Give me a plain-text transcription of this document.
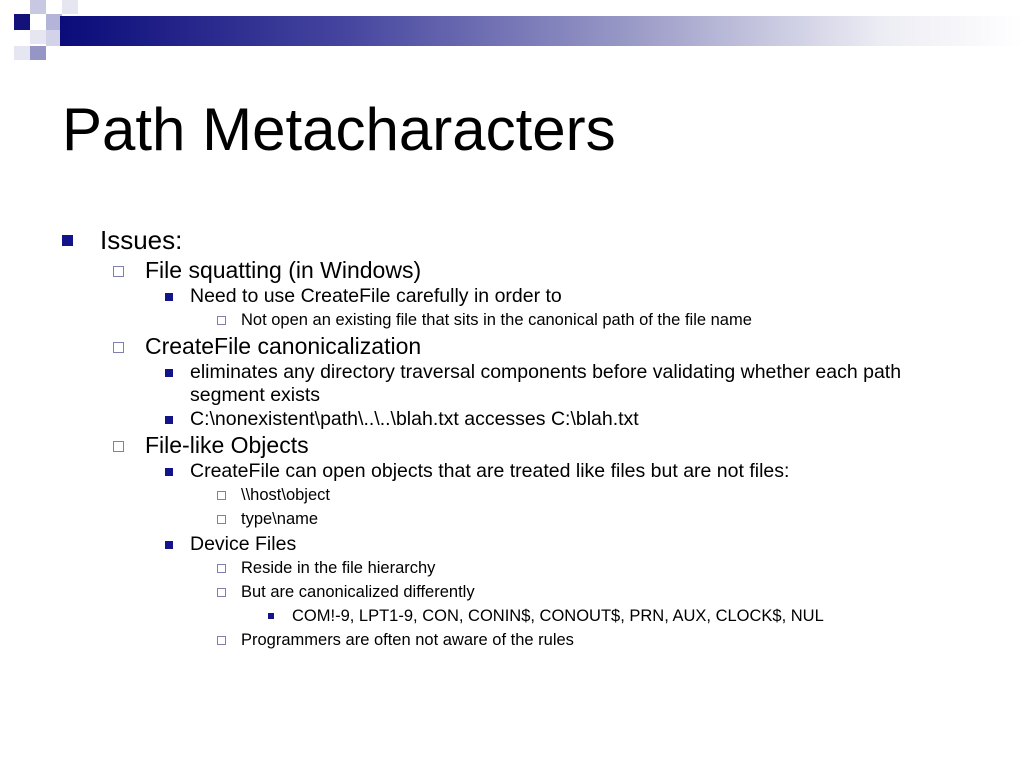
Path Metacharacters
Issues:
File squatting (in Windows)
Need to use CreateFile carefully in order to
Not open an existing file that sits in the canonical path of the file name
CreateFile canonicalization
eliminates any directory traversal components before validating whether each path segment exists
C:\nonexistent\path\..\..\blah.txt accesses C:\blah.txt
File-like Objects
CreateFile can open objects that are treated like files but are not files:
\\host\object
type\name
Device Files
Reside in the file hierarchy
But are canonicalized differently
COM!-9, LPT1-9, CON, CONIN$, CONOUT$, PRN, AUX, CLOCK$, NUL
Programmers are often not aware of the rules
